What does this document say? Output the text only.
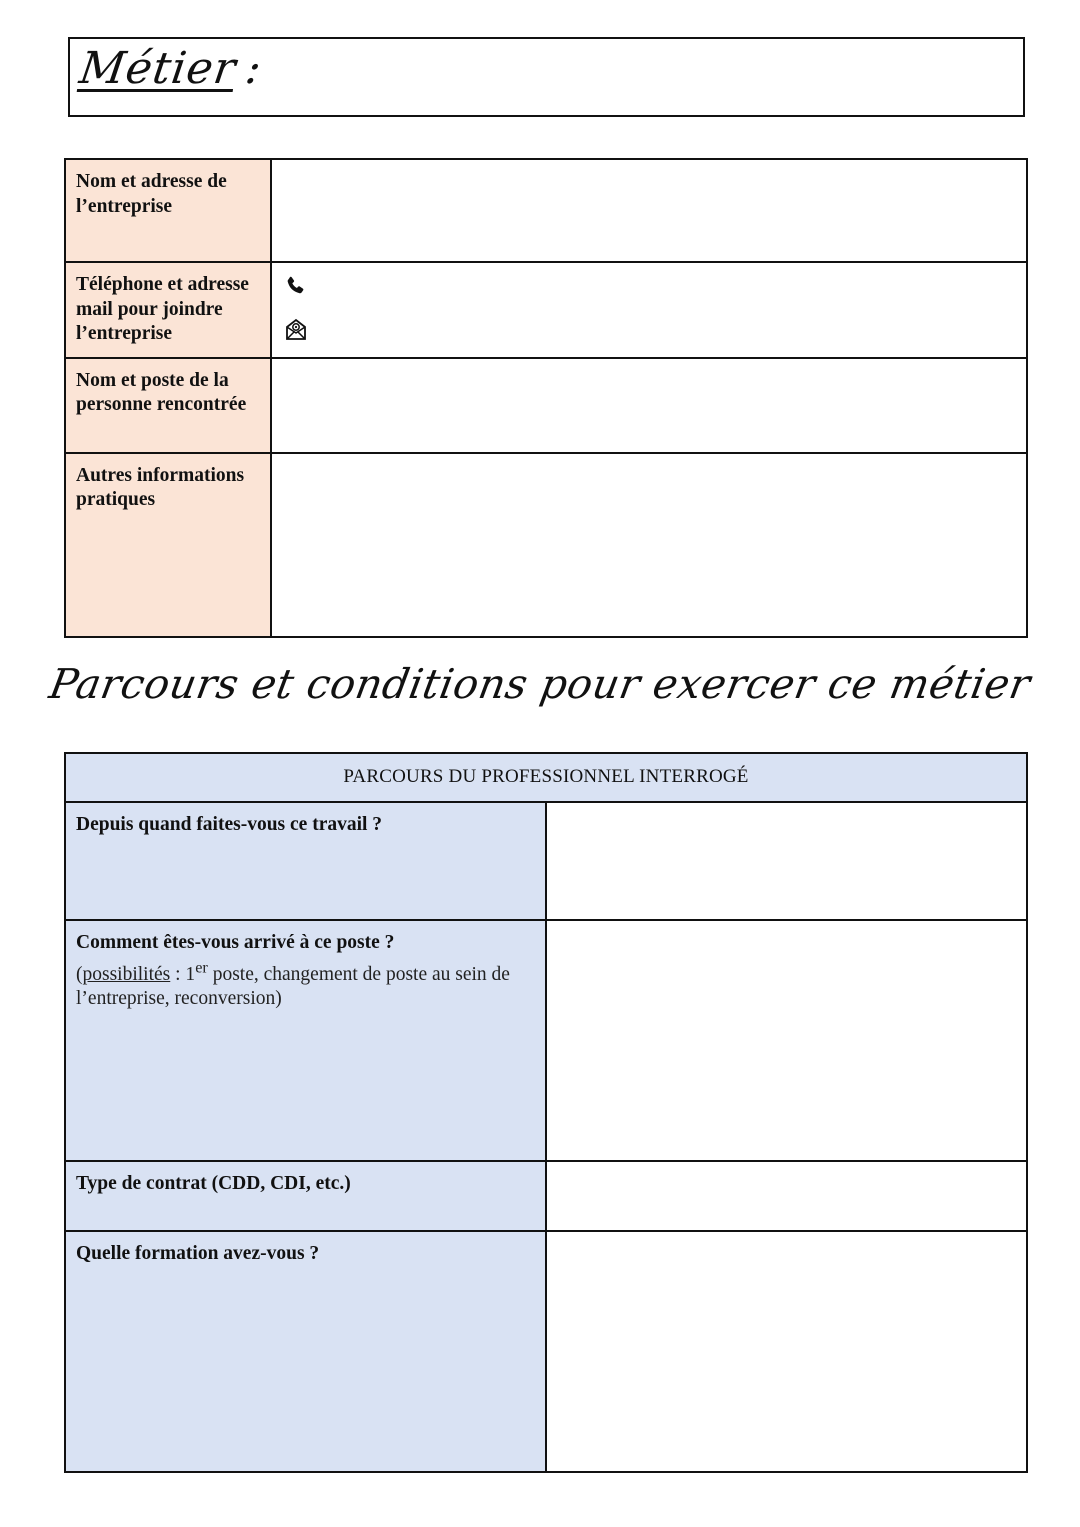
Métier :
Nom et adresse de l’entreprise	
Téléphone et adresse mail pour joindre l’entreprise	

Nom et poste de la personne rencontrée	
Autres informations pratiques	
Parcours et conditions pour exercer ce métier
PARCOURS DU PROFESSIONNEL INTERROGÉ	
Depuis quand faites-vous ce travail ?	
Comment êtes-vous arrivé à ce poste ?
(possibilités : 1er poste, changement de poste au sein de l’entreprise, reconversion)	
Type de contrat (CDD, CDI, etc.)	
Quelle formation avez-vous ?	
